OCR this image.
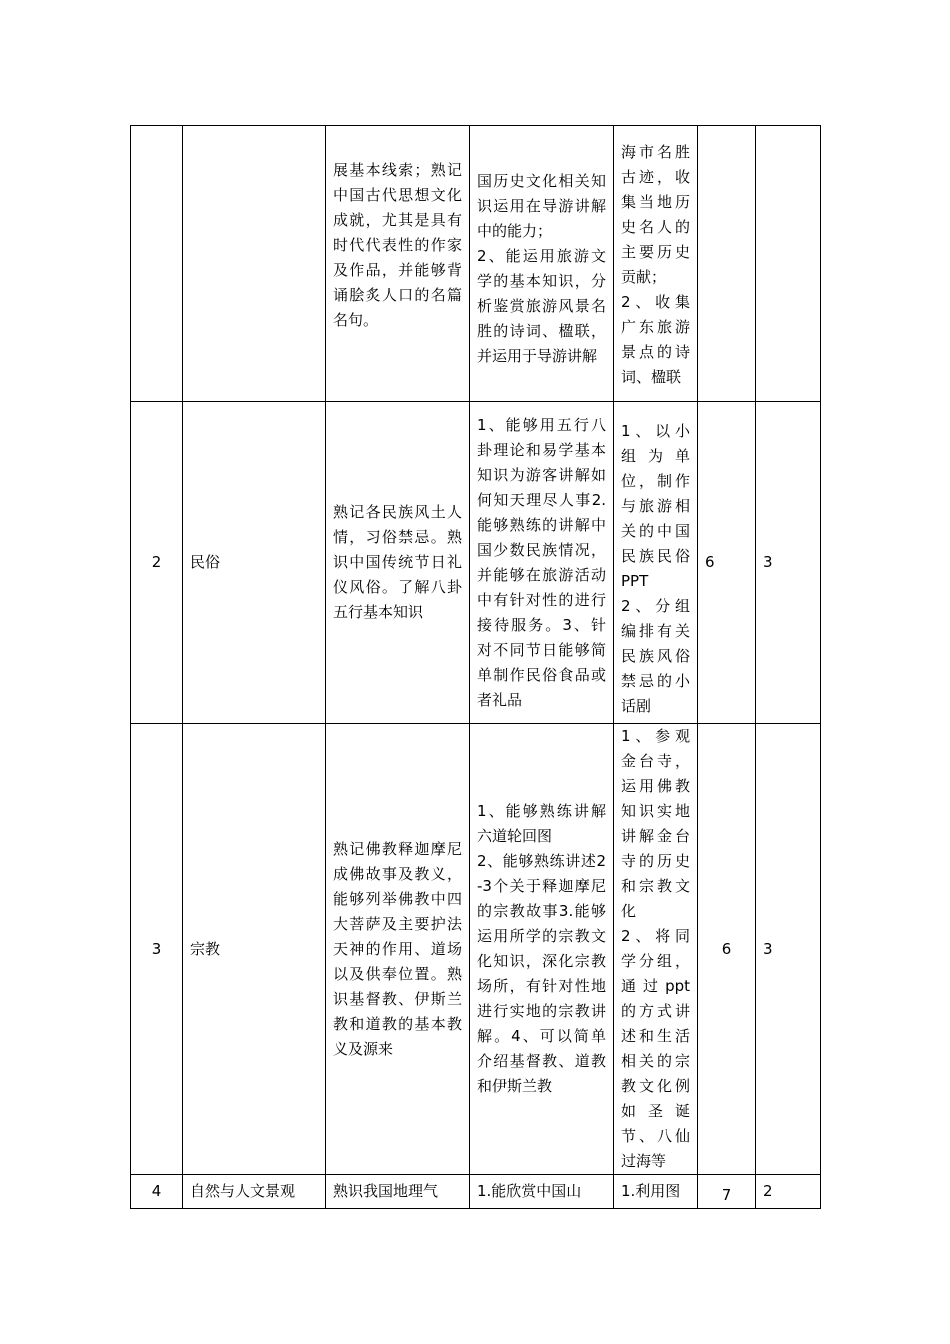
		展基本线索；熟记中国古代思想文化成就，尤其是具有时代代表性的作家及作品，并能够背诵脍炙人口的名篇名句。	国历史文化相关知识运用在导游讲解中的能力；
2、能运用旅游文学的基本知识，分析鉴赏旅游风景名胜的诗词、楹联，并运用于导游讲解	海市名胜古迹，收集当地历史名人的主要历史贡献；
2、收集广东旅游景点的诗词、楹联		

2	民俗	熟记各民族风土人情，习俗禁忌。熟识中国传统节日礼仪风俗。了解八卦五行基本知识	1、能够用五行八卦理论和易学基本知识为游客讲解如何知天理尽人事2.能够熟练的讲解中国少数民族情况，并能够在旅游活动中有针对性的进行接待服务。3、针对不同节日能够简单制作民俗食品或者礼品	1、以小组为单位，制作与旅游相关的中国民族民俗PPT
2、分组编排有关民族风俗禁忌的小话剧	6	3
3	宗教	熟记佛教释迦摩尼成佛故事及教义，能够列举佛教中四大菩萨及主要护法天神的作用、道场以及供奉位置。熟识基督教、伊斯兰教和道教的基本教义及源来	1、能够熟练讲解六道轮回图
2、能够熟练讲述2-3个关于释迦摩尼的宗教故事3.能够运用所学的宗教文化知识，深化宗教场所，有针对性地进行实地的宗教讲解。4、可以简单介绍基督教、道教和伊斯兰教	1、参观金台寺，运用佛教知识实地讲解金台寺的历史和宗教文化
2、将同学分组，通过ppt的方式讲述和生活相关的宗教文化例如圣诞节、八仙过海等	6	3
4	自然与人文景观	熟识我国地理气	1.能欣赏中国山	1.利用图	7	2
